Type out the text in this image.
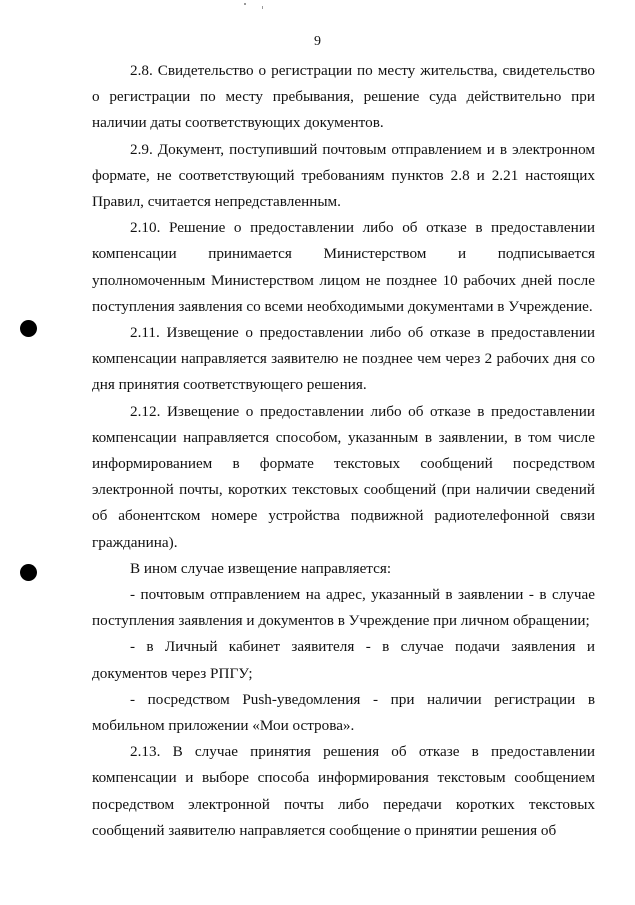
9

2.8. Свидетельство о регистрации по месту жительства, свидетельство о регистрации по месту пребывания, решение суда действительно при наличии даты соответствующих документов.

2.9. Документ, поступивший почтовым отправлением и в электронном формате, не соответствующий требованиям пунктов 2.8 и 2.21 настоящих Правил, считается непредставленным.

2.10. Решение о предоставлении либо об отказе в предоставлении компенсации принимается Министерством и подписывается уполномоченным Министерством лицом не позднее 10 рабочих дней после поступления заявления со всеми необходимыми документами в Учреждение.

2.11. Извещение о предоставлении либо об отказе в предоставлении компенсации направляется заявителю не позднее чем через 2 рабочих дня со дня принятия соответствующего решения.

2.12. Извещение о предоставлении либо об отказе в предоставлении компенсации направляется способом, указанным в заявлении, в том числе информированием в формате текстовых сообщений посредством электронной почты, коротких текстовых сообщений (при наличии сведений об абонентском номере устройства подвижной радиотелефонной связи гражданина).

В ином случае извещение направляется:

- почтовым отправлением на адрес, указанный в заявлении - в случае поступления заявления и документов в Учреждение при личном обращении;

- в Личный кабинет заявителя - в случае подачи заявления и документов через РПГУ;

- посредством Push-уведомления - при наличии регистрации в мобильном приложении «Мои острова».

2.13. В случае принятия решения об отказе в предоставлении компенсации и выборе способа информирования текстовым сообщением посредством электронной почты либо передачи коротких текстовых сообщений заявителю направляется сообщение о принятии решения об
